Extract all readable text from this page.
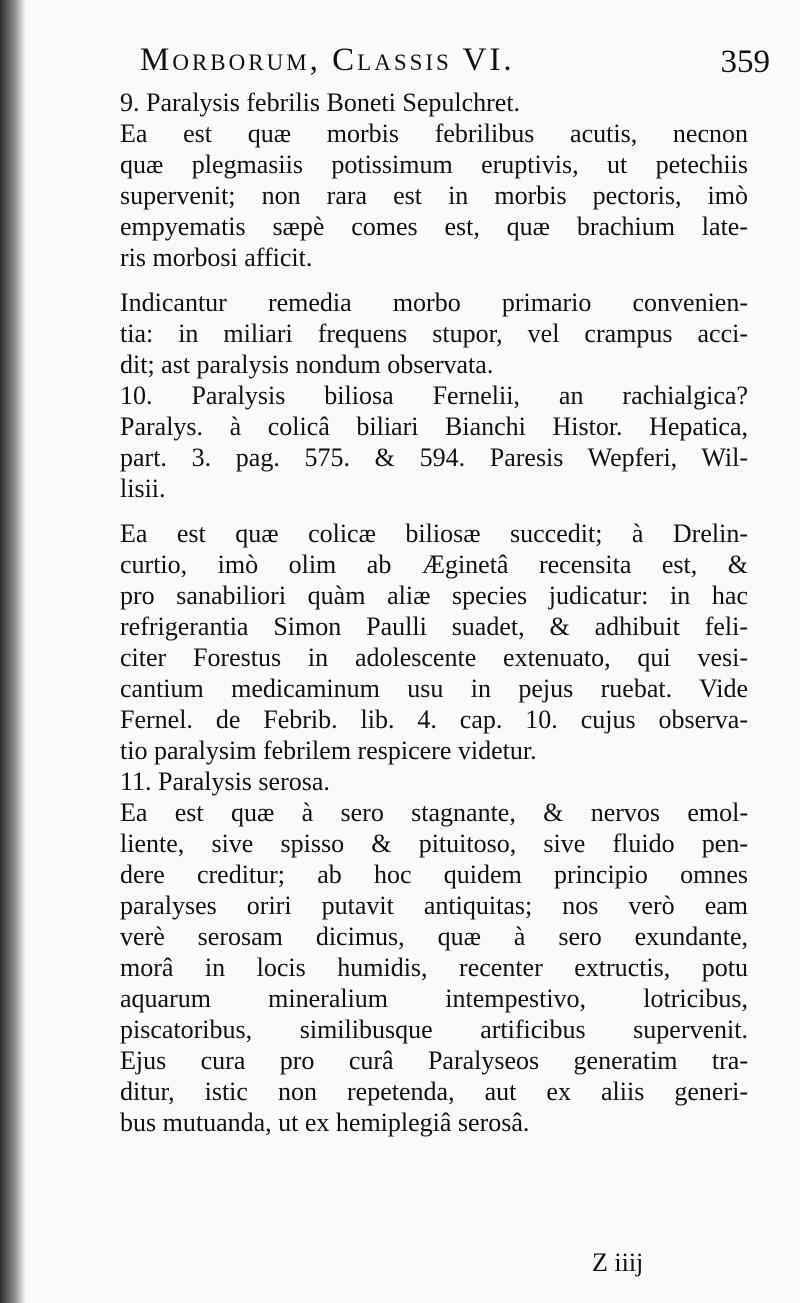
Morborum, Classis VI.	359
9. Paralysis febrilis Boneti Sepulchret.
Ea est quæ morbis febrilibus acutis, necnon
quæ plegmasiis potissimum eruptivis, ut petechiis
supervenit; non rara est in morbis pectoris, imò
empyematis sæpè comes est, quæ brachium late-
ris morbosi afficit.
Indicantur remedia morbo primario convenien-
tia: in miliari frequens stupor, vel crampus acci-
dit; ast paralysis nondum observata.
10. Paralysis biliosa Fernelii, an rachialgica?
Paralys. à colicâ biliari Bianchi Histor. Hepatica,
part. 3. pag. 575. & 594. Paresis Wepferi, Wil-
lisii.
Ea est quæ colicæ biliosæ succedit; à Drelin-
curtio, imò olim ab Æginetâ recensita est, &
pro sanabiliori quàm aliæ species judicatur: in hac
refrigerantia Simon Paulli suadet, & adhibuit feli-
citer Forestus in adolescente extenuato, qui vesi-
cantium medicaminum usu in pejus ruebat. Vide
Fernel. de Febrib. lib. 4. cap. 10. cujus observa-
tio paralysim febrilem respicere videtur.
11. Paralysis serosa.
Ea est quæ à sero stagnante, & nervos emol-
liente, sive spisso & pituitoso, sive fluido pen-
dere creditur; ab hoc quidem principio omnes
paralyses oriri putavit antiquitas; nos verò eam
verè serosam dicimus, quæ à sero exundante,
morâ in locis humidis, recenter extructis, potu
aquarum mineralium intempestivo, lotricibus,
piscatoribus, similibusque artificibus supervenit.
Ejus cura pro curâ Paralyseos generatim tra-
ditur, istic non repetenda, aut ex aliis generi-
bus mutuanda, ut ex hemiplegiâ serosâ.
Z iiij
